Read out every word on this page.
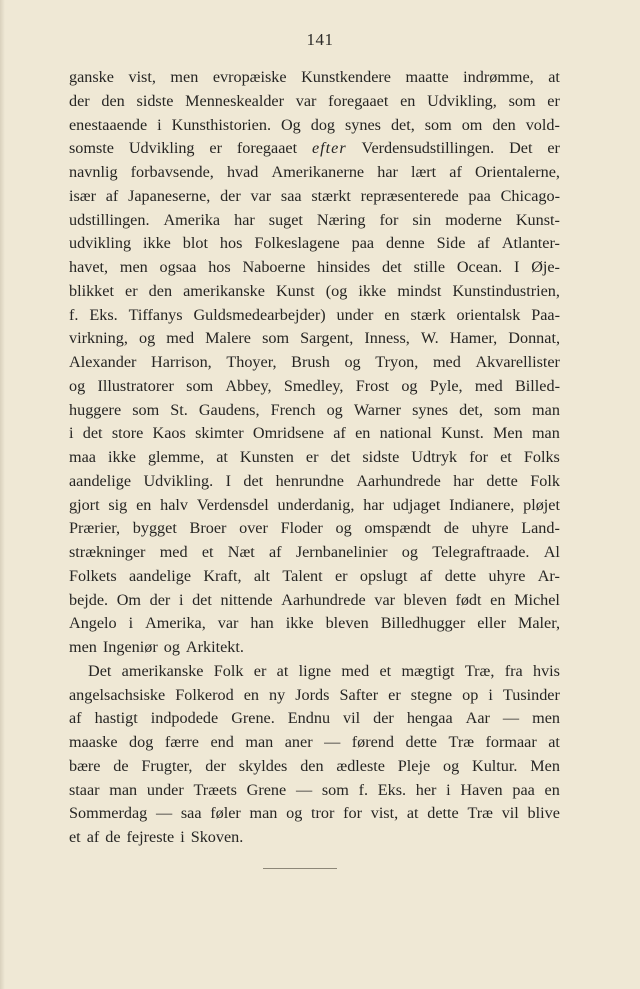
141
ganske vist, men evropæiske Kunstkendere maatte indrømme, at
der den sidste Menneskealder var foregaaet en Udvikling, som er
enestaaende i Kunsthistorien. Og dog synes det, som om den vold-
somste Udvikling er foregaaet efter Verdensudstillingen. Det er
navnlig forbavsende, hvad Amerikanerne har lært af Orientalerne,
især af Japaneserne, der var saa stærkt repræsenterede paa Chicago-
udstillingen. Amerika har suget Næring for sin moderne Kunst-
udvikling ikke blot hos Folkeslagene paa denne Side af Atlanter-
havet, men ogsaa hos Naboerne hinsides det stille Ocean. I Øje-
blikket er den amerikanske Kunst (og ikke mindst Kunstindustrien,
f. Eks. Tiffanys Guldsmedearbejder) under en stærk orientalsk Paa-
virkning, og med Malere som Sargent, Inness, W. Hamer, Donnat,
Alexander Harrison, Thoyer, Brush og Tryon, med Akvarellister
og Illustratorer som Abbey, Smedley, Frost og Pyle, med Billed-
huggere som St. Gaudens, French og Warner synes det, som man
i det store Kaos skimter Omridsene af en national Kunst. Men man
maa ikke glemme, at Kunsten er det sidste Udtryk for et Folks
aandelige Udvikling. I det henrundne Aarhundrede har dette Folk
gjort sig en halv Verdensdel underdanig, har udjaget Indianere, pløjet
Prærier, bygget Broer over Floder og omspændt de uhyre Land-
strækninger med et Næt af Jernbanelinier og Telegraftraade. Al
Folkets aandelige Kraft, alt Talent er opslugt af dette uhyre Ar-
bejde. Om der i det nittende Aarhundrede var bleven født en Michel
Angelo i Amerika, var han ikke bleven Billedhugger eller Maler,
men Ingeniør og Arkitekt.
Det amerikanske Folk er at ligne med et mægtigt Træ, fra hvis
angelsachsiske Folkerod en ny Jords Safter er stegne op i Tusinder
af hastigt indpodede Grene. Endnu vil der hengaa Aar — men
maaske dog færre end man aner — førend dette Træ formaar at
bære de Frugter, der skyldes den ædleste Pleje og Kultur. Men
staar man under Træets Grene — som f. Eks. her i Haven paa en
Sommerdag — saa føler man og tror for vist, at dette Træ vil blive
et af de fejreste i Skoven.
